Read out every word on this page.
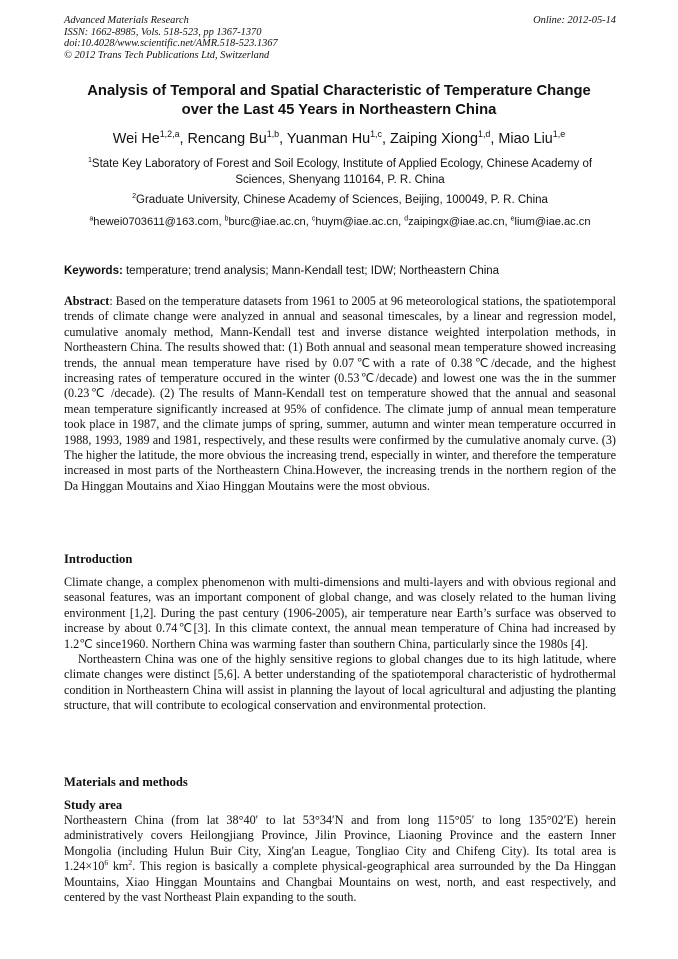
Advanced Materials Research
ISSN: 1662-8985, Vols. 518-523, pp 1367-1370
doi:10.4028/www.scientific.net/AMR.518-523.1367
© 2012 Trans Tech Publications Ltd, Switzerland
Online: 2012-05-14
Analysis of Temporal and Spatial Characteristic of Temperature Change
over the Last 45 Years in Northeastern China
Wei He$^{1,2,a}$, Rencang Bu$^{1,b}$, Yuanman Hu$^{1,c}$, Zaiping Xiong$^{1,d}$, Miao Liu$^{1,e}$
$^1$State Key Laboratory of Forest and Soil Ecology, Institute of Applied Ecology, Chinese Academy of Sciences, Shenyang 110164, P. R. China
$^2$Graduate University, Chinese Academy of Sciences, Beijing, 100049, P. R. China
$^a$hewei0703611@163.com, $^b$burc@iae.ac.cn, $^c$huym@iae.ac.cn, $^d$zaipingx@iae.ac.cn, $^e$lium@iae.ac.cn
Keywords: temperature; trend analysis; Mann-Kendall test; IDW; Northeastern China
Abstract: Based on the temperature datasets from 1961 to 2005 at 96 meteorological stations, the spatiotemporal trends of climate change were analyzed in annual and seasonal timescales, by a linear and regression model, cumulative anomaly method, Mann-Kendall test and inverse distance weighted interpolation methods, in Northeastern China. The results showed that: (1) Both annual and seasonal mean temperature showed increasing trends, the annual mean temperature have rised by 0.07℃with a rate of 0.38℃/decade, and the highest increasing rates of temperature occured in the winter (0.53℃/decade) and lowest one was the in the summer (0.23℃ /decade). (2) The results of Mann-Kendall test on temperature showed that the annual and seasonal mean temperature significantly increased at 95% of confidence. The climate jump of annual mean temperature took place in 1987, and the climate jumps of spring, summer, autumn and winter mean temperature occurred in 1988, 1993, 1989 and 1981, respectively, and these results were confirmed by the cumulative anomaly curve. (3) The higher the latitude, the more obvious the increasing trend, especially in winter, and therefore the temperature increased in most parts of the Northeastern China.However, the increasing trends in the northern region of the Da Hinggan Moutains and Xiao Hinggan Moutains were the most obvious.
Introduction

Climate change, a complex phenomenon with multi-dimensions and multi-layers and with obvious regional and seasonal features, was an important component of global change, and was closely related to the human living environment [1,2]. During the past century (1906-2005), air temperature near Earth’s surface was observed to increase by about 0.74℃[3]. In this climate context, the annual mean temperature of China had increased by 1.2℃ since1960. Northern China was warming faster than southern China, particularly since the 1980s [4].

Northeastern China was one of the highly sensitive regions to global changes due to its high latitude, where climate changes were distinct [5,6]. A better understanding of the spatiotemporal characteristic of hydrothermal condition in Northeastern China will assist in planning the layout of local agricultural and adjusting the planting structure, that will contribute to ecological conservation and environmental protection.

Materials and methods
Study area
Northeastern China (from lat 38°40′ to lat 53°34′N and from long 115°05′ to long 135°02′E) herein administratively covers Heilongjiang Province, Jilin Province, Liaoning Province and the eastern Inner Mongolia (including Hulun Buir City, Xing'an League, Tongliao City and Chifeng City). Its total area is $1.24\times 10^6$ $km^2$. This region is basically a complete physical-geographical area surrounded by the Da Hinggan Mountains, Xiao Hinggan Mountains and Changbai Mountains on west, north, and east respectively, and centered by the vast Northeast Plain expanding to the south.
